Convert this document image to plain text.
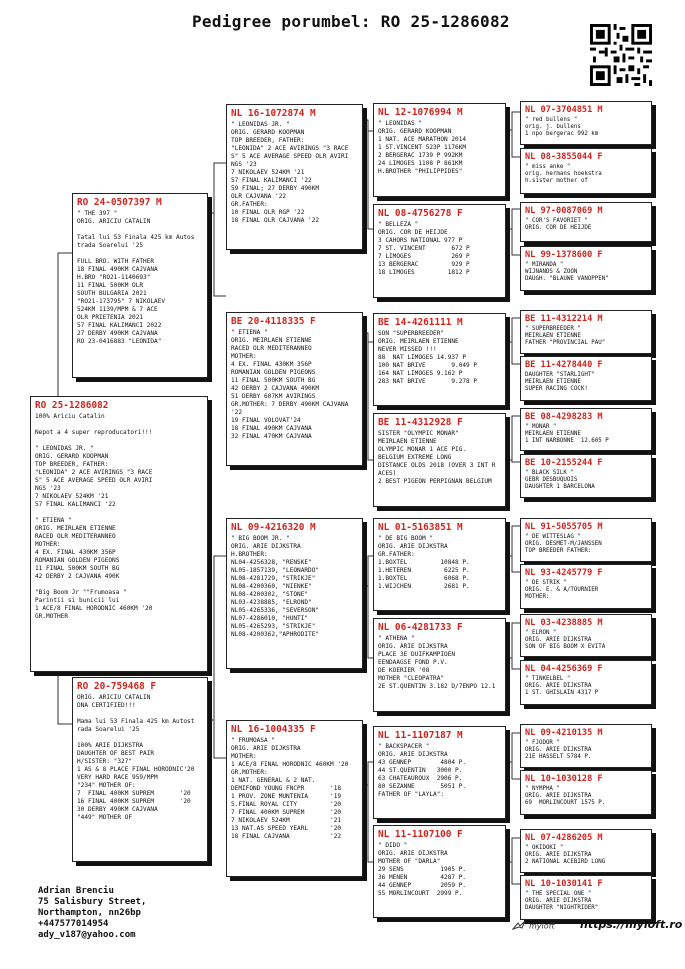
Pedigree porumbel: RO 25-1286082
RO 25-1286082
100% Ariciu Catalin

Nepot a 4 super reproducatori!!!

" LEONIDAS JR. "
ORIG. GERARD KOOPMAN
TOP BREEDER, FATHER:
"LEONIDA" 2 ACE AVIRINGS "3 RACE
S" 5 ACE AVERAGE SPEED OLR AVIRI
NGS '23
7 NIKOLAEV 524KM '21
57 FINAL KALIMANCI '22

" ETIENA "
ORIG. MEIRLAEN ETIENNE
RACED OLR MEDITERANNEO
MOTHER:
4 EX. FINAL 430KM 356P
ROMANIAN GOLDEN PIGEONS
11 FINAL 500KM SOUTH BG
42 DERBY 2 CAJVANA 490K

"Big Boom Jr ""Frumoasa "
Parintii si bunicii lui
1 ACE/8 FINAL HORODNIC 460KM '20
GR.MOTHER
RO 24-0507397 M
" THE 397 "
ORIG. ARICIU CATALIN

Tatal lui 53 Finala 425 km Autos
trada Soarelui '25

FULL BRO. WITH FATHER
18 FINAL 490KM CAJVANA
H.BRO "RO21-1140693"
11 FINAL 500KM OLR
SOUTH BULGARIA 2021
"RO21-173795" 7 NIKOLAEV
524KM 1139/MPM & 7 ACE
OLR PRIETENIA 2021
57 FINAL KALIMANCI 2022
27 DERBY 490KM CAJVANA
RO 23-0416883 "LEONIDA"
RO 20-759468 F
ORIG. ARICIU CATALIN
DNA CERTIFIED!!!

Mama lui 53 Finala 425 km Autost
rada Soarelui '25

100% ARIE DIJKSTRA
DAUGHTER OF BEST PAIR
H/SISTER: "327"
1 AS & 8 PLACE FINAL HORODNIC'20
VERY HARD RACE 959/MPM
"234" MOTHER OF:
7  FINAL 400KM SUPREM       '20
16 FINAL 400KM SUPREM       '20
30 DERBY 490KM CAJVANA
"449" MOTHER OF
NL 16-1072874 M
" LEONIDAS JR. "
ORIG. GERARD KOOPMAN
TOP BREEDER, FATHER:
"LEONIDA" 2 ACE AVIRINGS "3 RACE
S" 5 ACE AVERAGE SPEED OLR AVIRI
NGS '23
7 NIKOLAEV 524KM '21
57 FINAL KALIMANCI '22
59 FINAL; 27 DERBY 490KM
OLR CAJVANA '22
GR.FATHER:
10 FINAL OLR RGP '22
18 FINAL OLR CAJVANA '22
BE 20-4118335 F
" ETIENA "
ORIG. MEIRLAEN ETIENNE
RACED OLR MEDITERANNEO
MOTHER:
4 EX. FINAL 430KM 356P
ROMANIAN GOLDEN PIGEONS
11 FINAL 500KM SOUTH BG
42 DERBY 2 CAJVANA 490KM
51 DERBY 607KM AVIRINGS
GR.MOTHER: 7 DERBY 490KM CAJVANA
'22
19 FINAL VOLOVAT'24
18 FINAL 490KM CAJVANA
32 FINAL 470KM CAJVANA
NL 09-4216320 M
" BIG BOOM JR. "
ORIG. ARIE DIJKSTRA
H.BROTHER:
NL04-4256328, "RENSKE"
NL05-1857139, "LEONARDO"
NL08-4281729, "STRIKJE"
NL08-4200360, "NIENKE"
NL08-4200302, "STONE"
NL03-4238885, "ELROND"
NL05-4265336, "SEVERSON"
NL07-4286010, "HUNTI"
NL05-4265293, "STRIKJE"
NL08-4200362,"APHRODITE"
NL 16-1004335 F
" FRUMOASA "
ORIG. ARIE DIJKSTRA
MOTHER:
1 ACE/8 FINAL HORODNIC 460KM '20
GR.MOTHER:
1 NAT. GENERAL & 2 NAT.
DEMIFOND YOUNG FNCPR       '18
1 PROV. ZONE MUNTENIA      '19
5.FINAL ROYAL CITY         '20
7 FINAL 400KM SUPREM       '20
7 NIKOLAEV 524KM           '21
13 NAT.AS SPEED YEARL      '20
18 FINAL CAJVANA           '22
NL 12-1076994 M
" LEONIDAS "
ORIG. GERARD KOOPMAN
1 NAT. ACE MARATHON 2014
1 ST.VINCENT 523P 1176KM
2 BERGERAC 1739 P 992KM
24 LIMOGES 1108 P 861KM
H.BROTHER "PHILIPPIDES"
NL 08-4756278 F
" BELLEZA "
ORIG. COR DE HEIJDE
3 CAHORS NATIONAL 977 P
7 ST. VINCENT       672 P
7 LIMOGES           269 P
13 BERGERAC         929 P
18 LIMOGES         1812 P
BE 14-4261111 M
SON "SUPERBREEDER"
ORIG. MEIRLAEN ETIENNE
NEVER MISSED !!!
88  NAT LIMOGES 14.937 P
100 NAT BRIVE       9.049 P
164 NAT LIMOGES 9.162 P
283 NAT BRIVE       9.278 P
BE 11-4312928 F
SISTER "OLYMPIC MONAR"
MEIRLAEN ETIENNE
OLYMPIC MONAR 1 ACE PIG.
BELGIUM EXTREME LONG
DISTANCE OLDS 2018 (OVER 3 INT R
ACES)
2 BEST PIGEON PERPIGNAN BELGIUM
NL 01-5163851 M
" DE BIG BOOM "
ORIG. ARIE DIJKSTRA
GR.FATHER:
1.BOXTEL         10848 P.
1.HETEREN         6225 P.
1.BOXTEL          6068 P.
1.WIJCHEN         2681 P.
NL 06-4281733 F
" ATHENA "
ORIG. ARIE DIJKSTRA
PLACE 3E DUIFKAMPIOEN
EENDAAGSE FOND P.V.
DE KOERIER '08
MOTHER "CLEOPATRA"
2E ST.QUENTIN 3.182 D/7ENPO 12.1
NL 11-1107187 M
" BACKSPACER "
ORIG. ARIE DIJKSTRA
43 GENNEP        4804 P.
44 ST.QUENTIN   3000 P.
63 CHATEAUROUX  2906 P.
80 SEZANNE       5051 P.
FATHER OF "LAYLA":
NL 11-1107100 F
" DIDO "
ORIG. ARIE DIJKSTRA
MOTHER OF "DARLA"
29 SENS          1905 P.
36 MENEN         4287 P.
44 GENNEP        2059 P.
55 MORLINCOURT  2999 P.
NL 07-3704851 M
" red bullens "
orig. j. bullens
1 npo bergerac 992 km
NL 08-3855044 F
" miss anke "
orig. hermans hoekstra
h.sister mother of
NL 97-0087069 M
" COR'S FAVORIET "
ORIG. COR DE HEIJDE
NL 99-1378600 F
" MIRANDA "
WIJNANDS & ZOON
DAUGH. "BLAUWE VANOPPEN"
BE 11-4312214 M
" SUPERBREEDER "
MEIRLAEN ETIENNE
FATHER "PROVINCIAL PAU"
BE 11-4278440 F
DAUGHTER "STARLIGHT"
MEIRLAEN ETIENNE
SUPER RACING COCK!
BE 08-4298283 M
" MONAR "
MEIRLAEN ETIENNE
1 INT NARBONNE  12.605 P
BE 10-2155244 F
" BLACK SILK "
GEBR DESBUQUOIS
DAUGHTER 1 BARCELONA
NL 91-5055705 M
" DE WITTESLAG "
ORIG. DESMET-M/JANSSEN
TOP BREEDER FATHER:
NL 93-4245779 F
" DE STRIK "
ORIG. E. & A/TOURNIER
MOTHER:
NL 03-4238885 M
" ELRON "
ORIG. ARIE DIJKSTRA
SON OF BIG BOOM X EVITA
NL 04-4256369 F
" TINKELBEL "
ORIG. ARIE DIJKSTRA
1 ST. GHISLAIN 4317 P
NL 09-4210135 M
" FJODOR "
ORIG. ARIE DIJKSTRA
21E HASSELT 5784 P.
NL 10-1030128 F
" NYMPHA "
ORIG. ARIE DIJKSTRA
69  MORLINCOURT 1575 P.
NL 07-4286205 M
" OKIDOKI "
ORIG. ARIE DIJKSTRA
2 NATIONAL ACEBIRD LONG
NL 10-1030141 F
" THE SPECIAL ONE "
ORIG. ARIE DIJKSTRA
DAUGHTER "NIGHTRIDER"
Adrian Brenciu
75 Salisbury Street,
Northampton, nn26bp
+447577014954
ady_v187@yahoo.com
myloft https://myloft.ro
